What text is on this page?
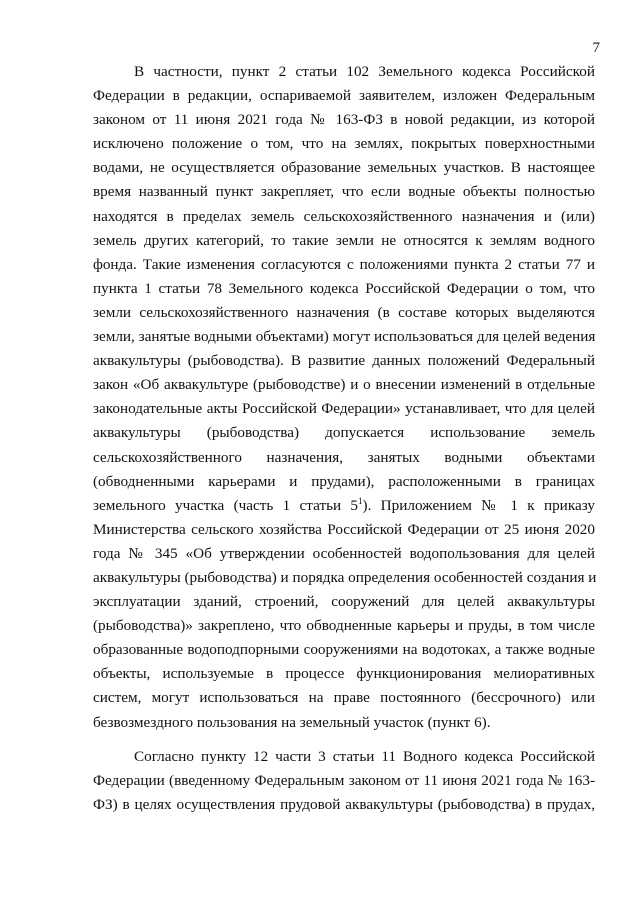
7
В частности, пункт 2 статьи 102 Земельного кодекса Российской
Федерации в редакции, оспариваемой заявителем, изложен Федеральным
законом от 11 июня 2021 года № 163-ФЗ в новой редакции, из которой
исключено положение о том, что на землях, покрытых поверхностными
водами, не осуществляется образование земельных участков. В настоящее
время названный пункт закрепляет, что если водные объекты полностью
находятся в пределах земель сельскохозяйственного назначения и (или)
земель других категорий, то такие земли не относятся к землям водного
фонда. Такие изменения согласуются с положениями пункта 2 статьи 77 и
пункта 1 статьи 78 Земельного кодекса Российской Федерации о том, что
земли сельскохозяйственного назначения (в составе которых выделяются
земли, занятые водными объектами) могут использоваться для целей ведения
аквакультуры (рыбоводства). В развитие данных положений Федеральный
закон «Об аквакультуре (рыбоводстве) и о внесении изменений в отдельные
законодательные акты Российской Федерации» устанавливает, что для целей
аквакультуры (рыбоводства) допускается использование земель
сельскохозяйственного назначения, занятых водными объектами
(обводненными карьерами и прудами), расположенными в границах
земельного участка (часть 1 статьи $5^1$). Приложением № 1 к приказу
Министерства сельского хозяйства Российской Федерации от 25 июня 2020
года № 345 «Об утверждении особенностей водопользования для целей
аквакультуры (рыбоводства) и порядка определения особенностей создания и
эксплуатации зданий, строений, сооружений для целей аквакультуры
(рыбоводства)» закреплено, что обводненные карьеры и пруды, в том числе
образованные водоподпорными сооружениями на водотоках, а также водные
объекты, используемые в процессе функционирования мелиоративных
систем, могут использоваться на праве постоянного (бессрочного) или
безвозмездного пользования на земельный участок (пункт 6).
Согласно пункту 12 части 3 статьи 11 Водного кодекса Российской
Федерации (введенному Федеральным законом от 11 июня 2021 года № 163-
ФЗ) в целях осуществления прудовой аквакультуры (рыбоводства) в прудах,
